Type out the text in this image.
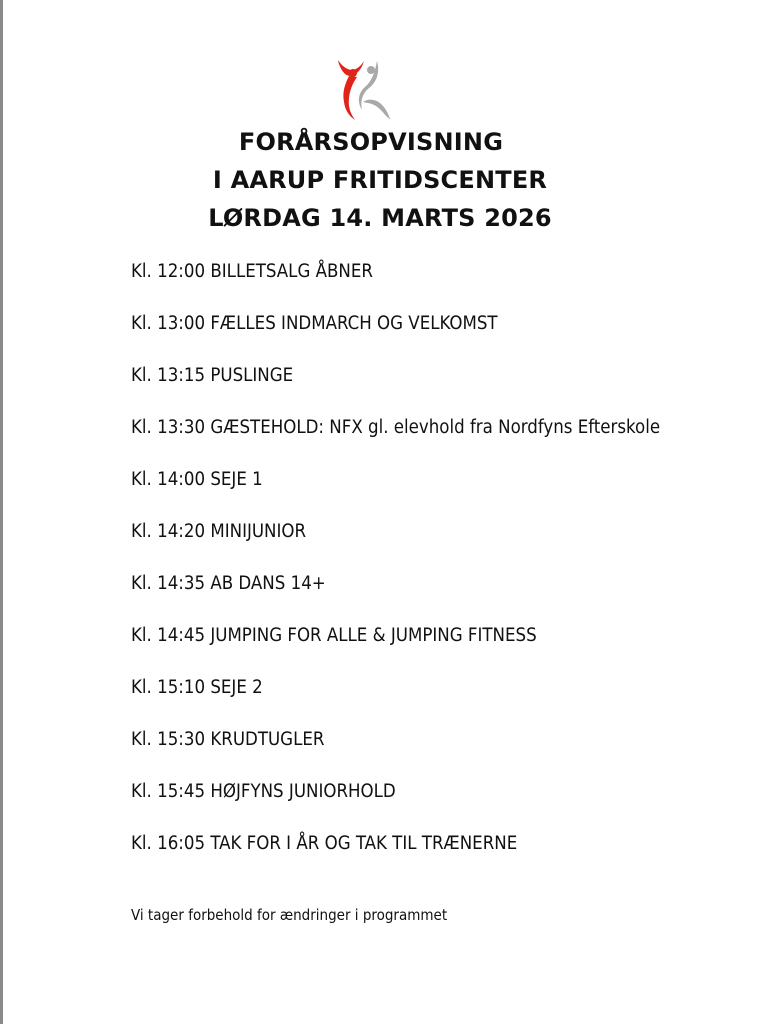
FORÅRSOPVISNING
I AARUP FRITIDSCENTER
LØRDAG 14. MARTS 2026
Kl. 12:00 BILLETSALG ÅBNER
Kl. 13:00 FÆLLES INDMARCH OG VELKOMST
Kl. 13:15 PUSLINGE
Kl. 13:30 GÆSTEHOLD: NFX gl. elevhold fra Nordfyns Efterskole
Kl. 14:00 SEJE 1
Kl. 14:20 MINIJUNIOR
Kl. 14:35 AB DANS 14+
Kl. 14:45 JUMPING FOR ALLE & JUMPING FITNESS
Kl. 15:10 SEJE 2
Kl. 15:30 KRUDTUGLER
Kl. 15:45 HØJFYNS JUNIORHOLD
Kl. 16:05 TAK FOR I ÅR OG TAK TIL TRÆNERNE
Vi tager forbehold for ændringer i programmet
